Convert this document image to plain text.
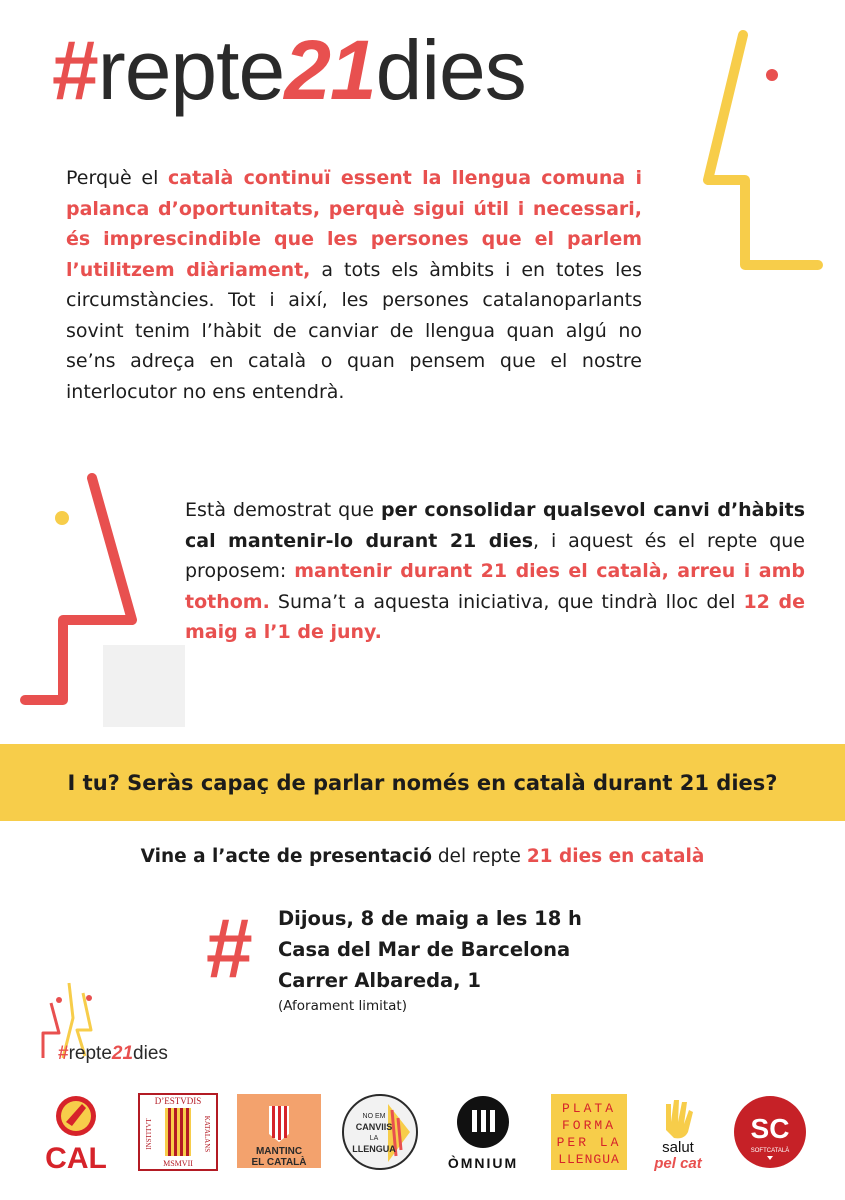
#repte21dies
Perquè el català continuï essent la llengua comuna i palanca d’oportunitats, perquè sigui útil i necessari, és imprescindible que les persones que el parlem l’utilitzem diàriament, a tots els àmbits i en totes les circumstàncies. Tot i així, les persones catalanoparlants sovint tenim l’hàbit de canviar de llengua quan algú no se’ns adreça en català o quan pensem que el nostre interlocutor no ens entendrà.
Està demostrat que per consolidar qualsevol canvi d’hàbits cal mantenir-lo durant 21 dies, i aquest és el repte que proposem: mantenir durant 21 dies el català, arreu i amb tothom. Suma’t a aquesta iniciativa, que tindrà lloc del 12 de maig a l’1 de juny.
I tu? Seràs capaç de parlar només en català durant 21 dies?
Vine a l’acte de presentació del repte 21 dies en català
# Dijous, 8 de maig a les 18 h
Casa del Mar de Barcelona
Carrer Albareda, 1
(Aforament limitat)
#repte21dies
CAL
D’ESTVDIS
INSTITVT	KATALANS
MSMVII
MANTINC
EL CATALÀ
NO EM
CANVIIS
LA
LLENGUA
ÒMNIUM
PLATA
FORMA
PER LA
LLENGUA
salut
pel cat
SC
SOFTCATALÀ
